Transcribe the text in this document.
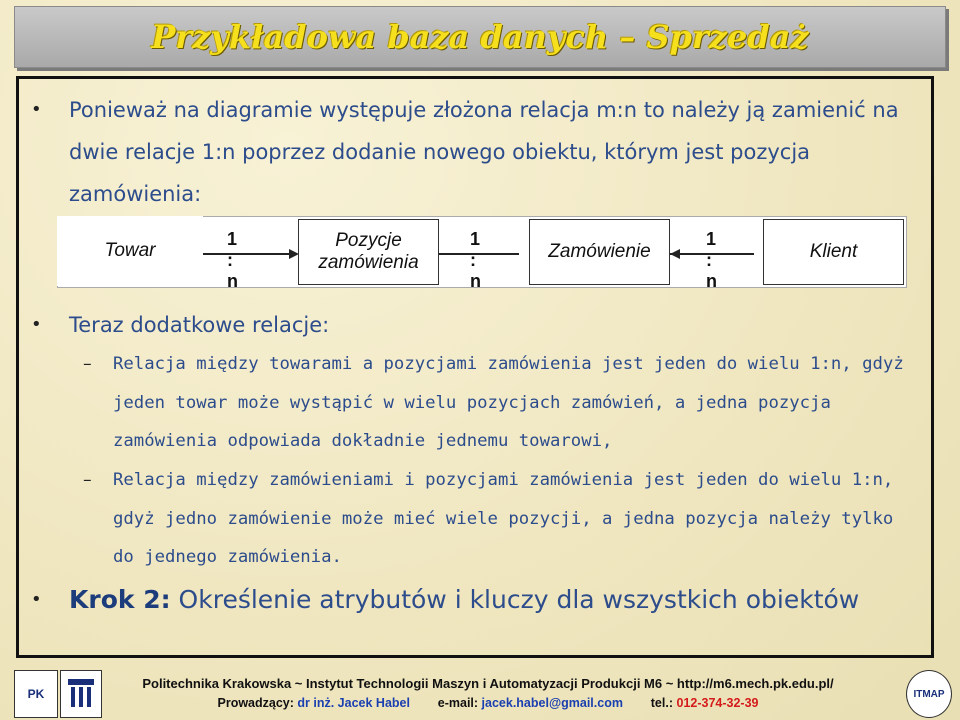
Przykładowa baza danych – Sprzedaż
•	Ponieważ na diagramie występuje złożona relacja m:n to należy ją zamienić na dwie relacje 1:n poprzez dodanie nowego obiektu, którym jest pozycja zamówienia:
Towar	Pozycje zamówienia
Zamówienie	Klient
1 : n
1 : n
1 : n
•	Teraz dodatkowe relacje:
–	Relacja między towarami a pozycjami zamówienia jest jeden do wielu 1:n, gdyż jeden towar może wystąpić w wielu pozycjach zamówień, a jedna pozycja zamówienia odpowiada dokładnie jednemu towarowi,
–	Relacja między zamówieniami i pozycjami zamówienia jest jeden do wielu 1:n, gdyż jedno zamówienie może mieć wiele pozycji, a jedna pozycja należy tylko do jednego zamówienia.
•	Krok 2: Określenie atrybutów i kluczy dla wszystkich obiektów
PK
Politechnika Krakowska ~ Instytut Technologii Maszyn i Automatyzacji Produkcji M6 ~ http://m6.mech.pk.edu.pl/
Prowadzący: dr inż. Jacek Habel e-mail: jacek.habel@gmail.com tel.: 012-374-32-39
ITMAP
